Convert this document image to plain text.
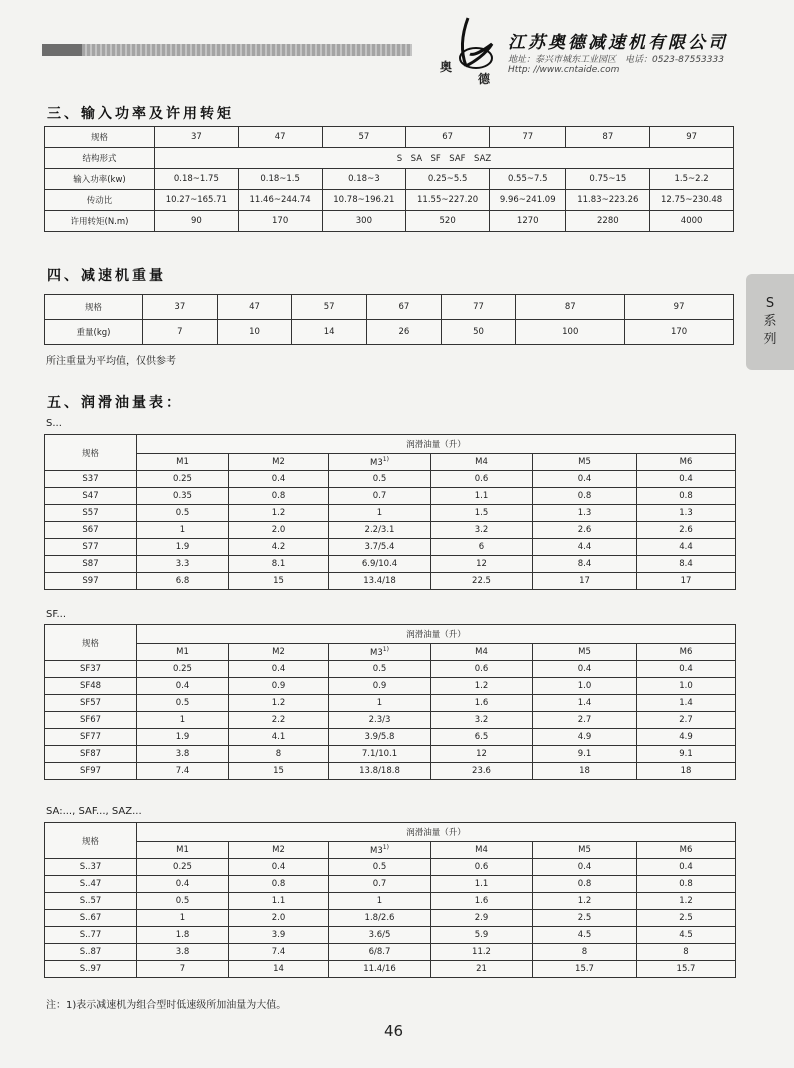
奥
德
江苏奥德减速机有限公司
地址：泰兴市城东工业园区　电话：0523-87553333
Http: //www.cntaide.com
S
系
列
三、输入功率及许用转矩
规格	37	47	57	67	77	87	97
结构形式	S　SA　SF　SAF　SAZ						
输入功率(kw)	0.18~1.75	0.18~1.5	0.18~3	0.25~5.5	0.55~7.5	0.75~15	1.5~2.2
传动比	10.27~165.71	11.46~244.74	10.78~196.21	11.55~227.20	9.96~241.09	11.83~223.26	12.75~230.48
许用转矩(N.m)	90	170	300	520	1270	2280	4000
四、减速机重量
规格	37	47	57	67	77	87	97
重量(kg)	7	10	14	26	50	100	170
所注重量为平均值，仅供参考
五、润滑油量表：
S...
规格	润滑油量（升）					
	M1	M2	M3$^{1)}$	M4	M5	M6
S37	0.25	0.4	0.5	0.6	0.4	0.4
S47	0.35	0.8	0.7	1.1	0.8	0.8
S57	0.5	1.2	1	1.5	1.3	1.3
S67	1	2.0	2.2/3.1	3.2	2.6	2.6
S77	1.9	4.2	3.7/5.4	6	4.4	4.4
S87	3.3	8.1	6.9/10.4	12	8.4	8.4
S97	6.8	15	13.4/18	22.5	17	17
SF...
规格	润滑油量（升）					
	M1	M2	M3$^{1)}$	M4	M5	M6
SF37	0.25	0.4	0.5	0.6	0.4	0.4
SF48	0.4	0.9	0.9	1.2	1.0	1.0
SF57	0.5	1.2	1	1.6	1.4	1.4
SF67	1	2.2	2.3/3	3.2	2.7	2.7
SF77	1.9	4.1	3.9/5.8	6.5	4.9	4.9
SF87	3.8	8	7.1/10.1	12	9.1	9.1
SF97	7.4	15	13.8/18.8	23.6	18	18
SA:..., SAF..., SAZ...
规格	润滑油量（升）					
	M1	M2	M3$^{1)}$	M4	M5	M6
S..37	0.25	0.4	0.5	0.6	0.4	0.4
S..47	0.4	0.8	0.7	1.1	0.8	0.8
S..57	0.5	1.1	1	1.6	1.2	1.2
S..67	1	2.0	1.8/2.6	2.9	2.5	2.5
S..77	1.8	3.9	3.6/5	5.9	4.5	4.5
S..87	3.8	7.4	6/8.7	11.2	8	8
S..97	7	14	11.4/16	21	15.7	15.7
注：1)表示减速机为组合型时低速级所加油量为大值。
46
